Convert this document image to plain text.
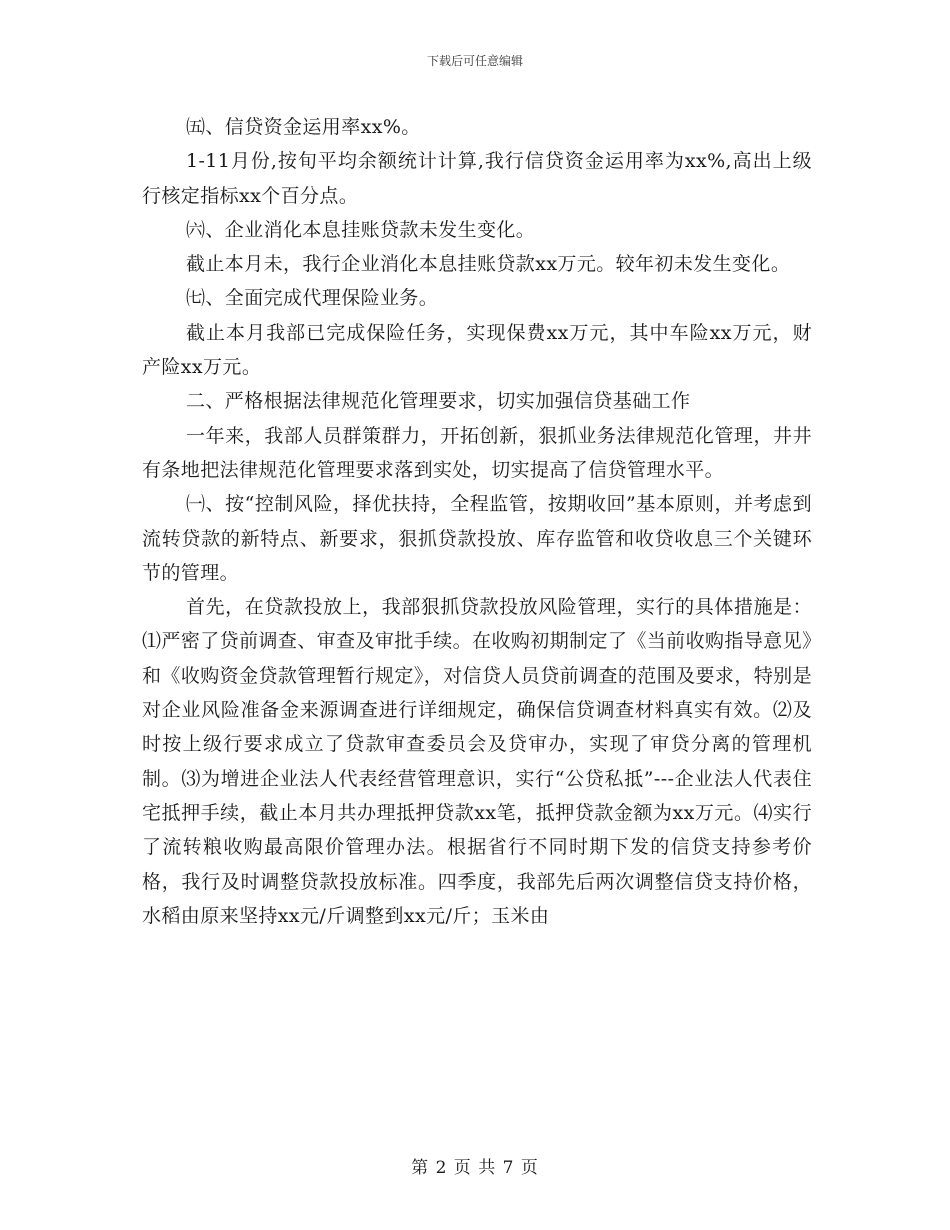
下载后可任意编辑

㈤、信贷资金运用率xx%。

1-11月份,按旬平均余额统计计算,我行信贷资金运用率为xx%,高出上级行核定指标xx个百分点。

㈥、企业消化本息挂账贷款未发生变化。

截止本月未，我行企业消化本息挂账贷款xx万元。较年初未发生变化。

㈦、全面完成代理保险业务。

截止本月我部已完成保险任务，实现保费xx万元，其中车险xx万元，财产险xx万元。

二、严格根据法律规范化管理要求，切实加强信贷基础工作

一年来，我部人员群策群力，开拓创新，狠抓业务法律规范化管理，井井有条地把法律规范化管理要求落到实处，切实提高了信贷管理水平。

㈠、按“控制风险，择优扶持，全程监管，按期收回”基本原则，并考虑到流转贷款的新特点、新要求，狠抓贷款投放、库存监管和收贷收息三个关键环节的管理。

首先，在贷款投放上，我部狠抓贷款投放风险管理，实行的具体措施是：⑴严密了贷前调查、审查及审批手续。在收购初期制定了《当前收购指导意见》和《收购资金贷款管理暂行规定》，对信贷人员贷前调查的范围及要求，特别是对企业风险准备金来源调查进行详细规定，确保信贷调查材料真实有效。⑵及时按上级行要求成立了贷款审查委员会及贷审办，实现了审贷分离的管理机制。⑶为增进企业法人代表经营管理意识，实行“公贷私抵”---企业法人代表住宅抵押手续，截止本月共办理抵押贷款xx笔，抵押贷款金额为xx万元。⑷实行了流转粮收购最高限价管理办法。根据省行不同时期下发的信贷支持参考价格，我行及时调整贷款投放标准。四季度，我部先后两次调整信贷支持价格，水稻由原来坚持xx元/斤调整到xx元/斤；玉米由

第 2 页 共 7 页
